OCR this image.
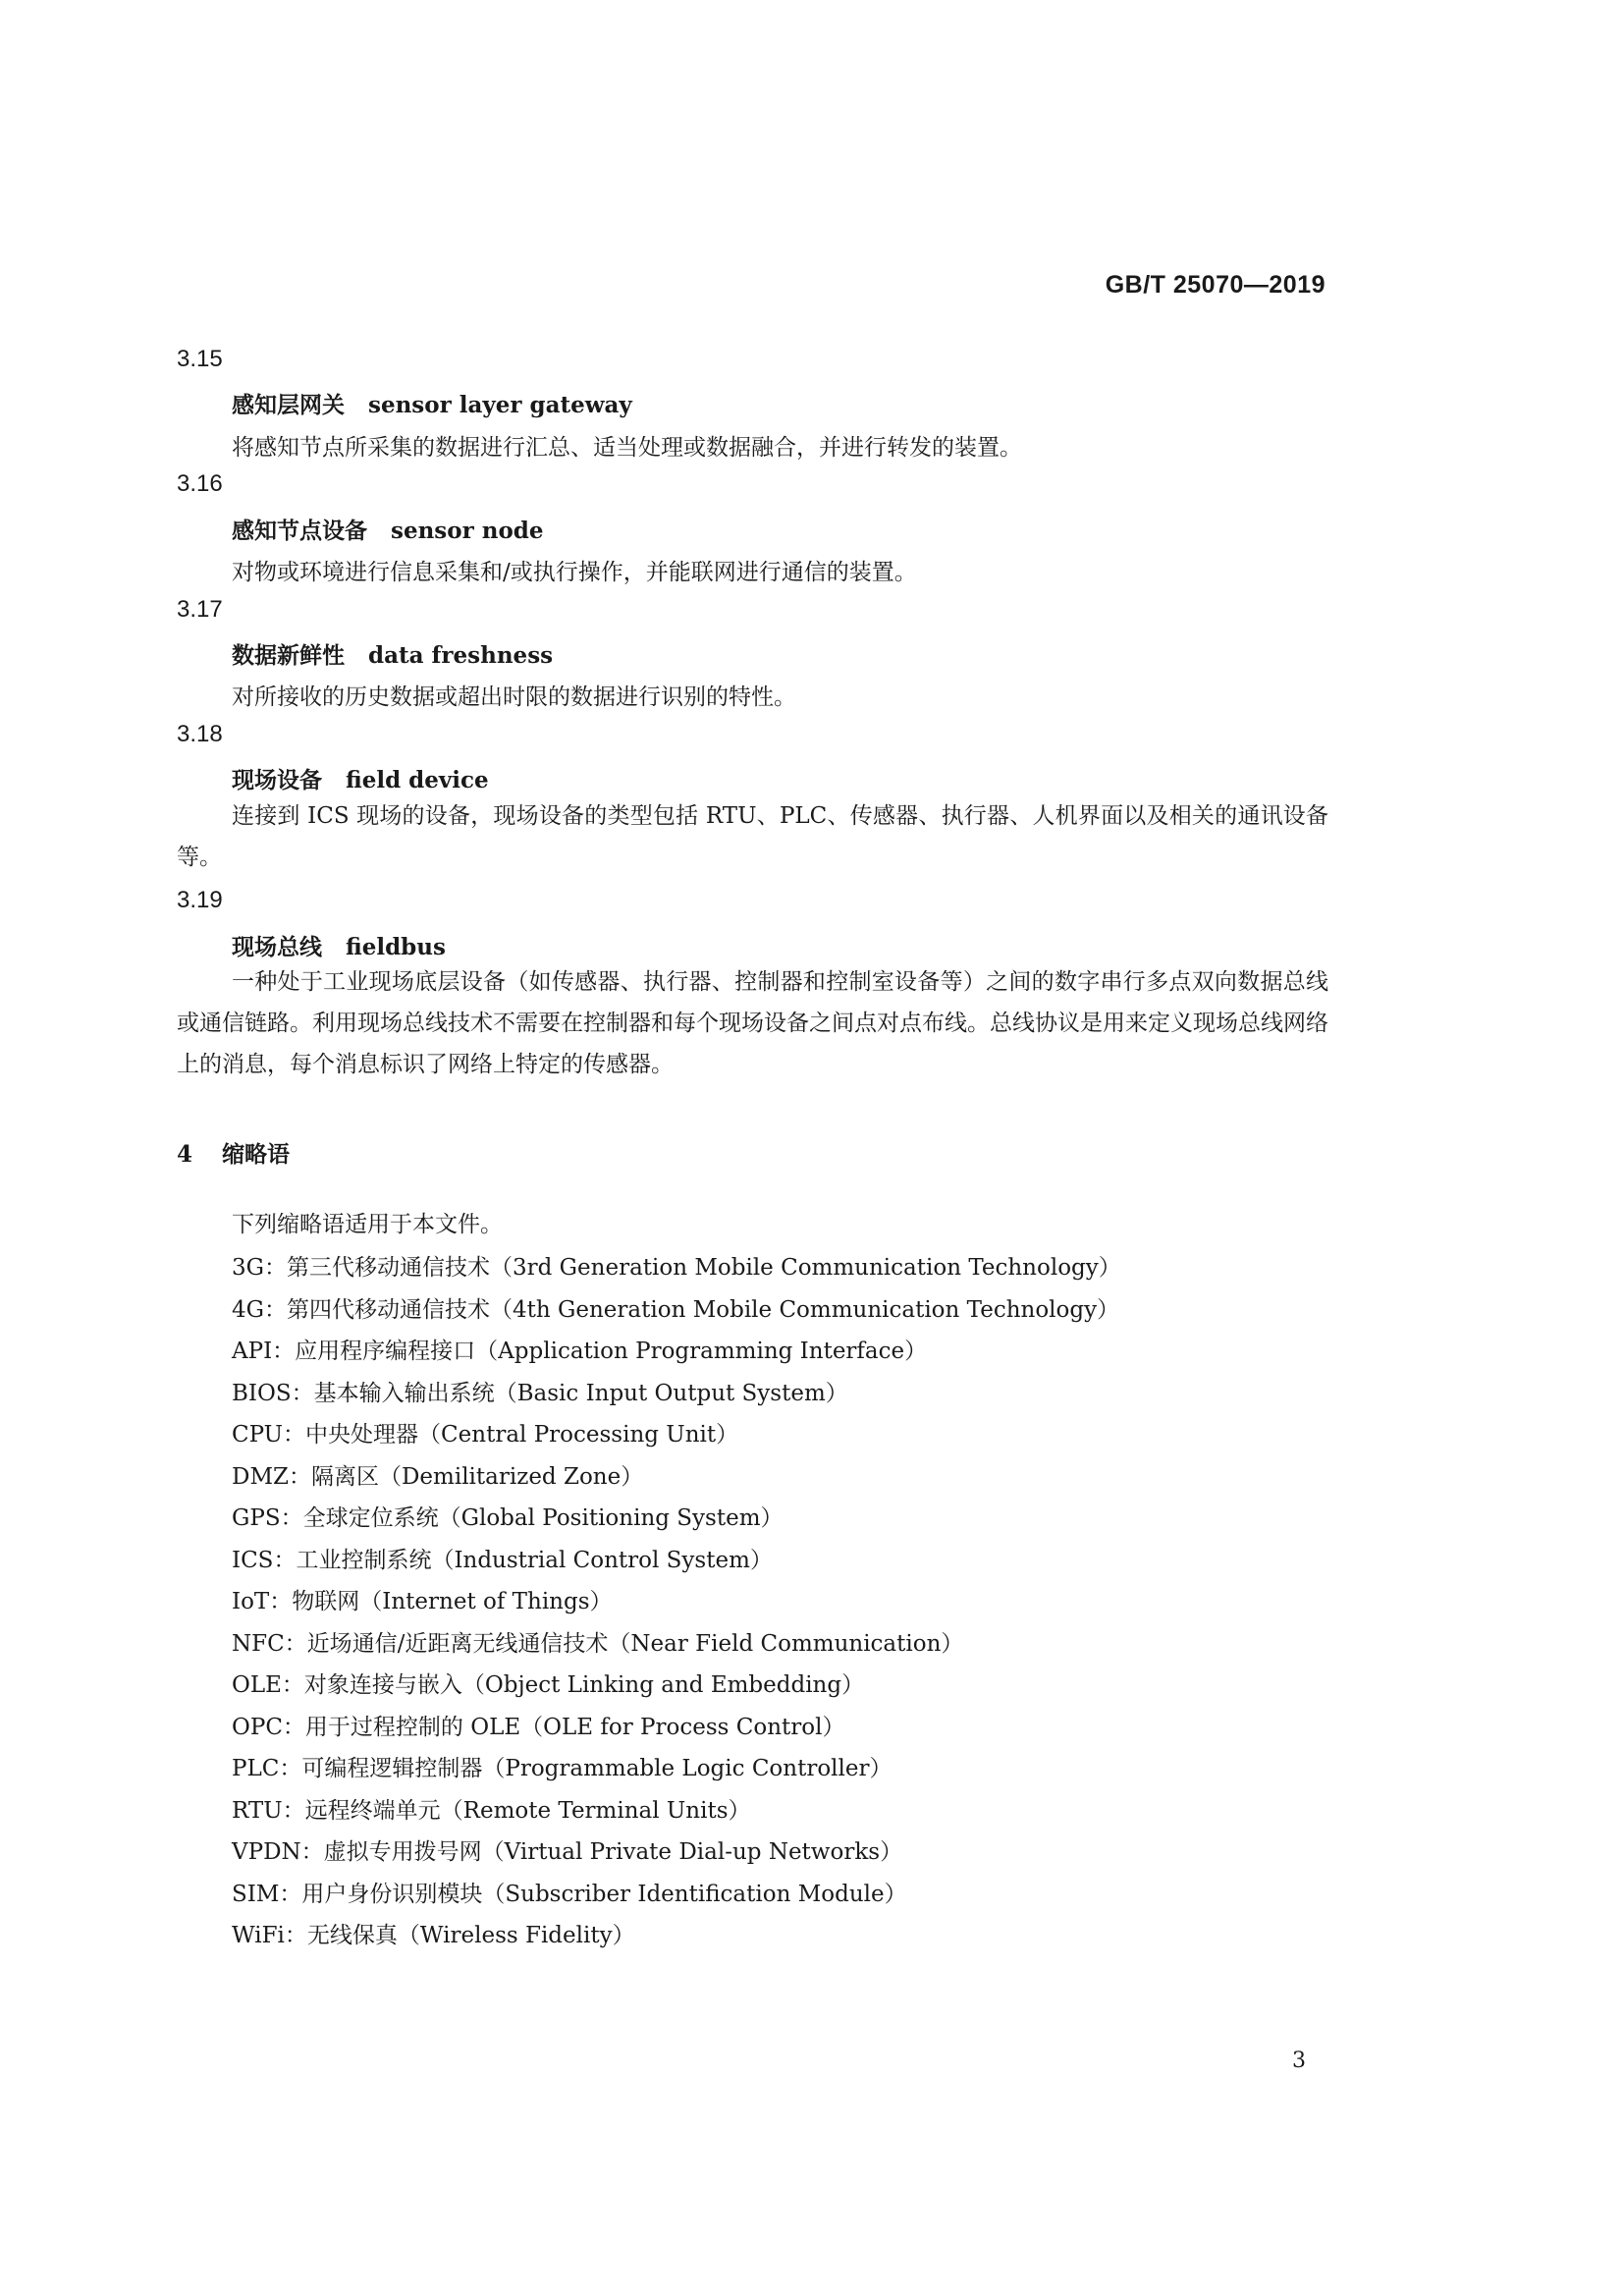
GB/T 25070—2019
3.15
感知层网关 sensor layer gateway
将感知节点所采集的数据进行汇总、适当处理或数据融合，并进行转发的装置。
3.16
感知节点设备 sensor node
对物或环境进行信息采集和/或执行操作，并能联网进行通信的装置。
3.17
数据新鲜性 data freshness
对所接收的历史数据或超出时限的数据进行识别的特性。
3.18
现场设备 field device
连接到 ICS 现场的设备，现场设备的类型包括 RTU、PLC、传感器、执行器、人机界面以及相关的通讯设备等。
3.19
现场总线 fieldbus
一种处于工业现场底层设备（如传感器、执行器、控制器和控制室设备等）之间的数字串行多点双向数据总线或通信链路。利用现场总线技术不需要在控制器和每个现场设备之间点对点布线。总线协议是用来定义现场总线网络上的消息，每个消息标识了网络上特定的传感器。
4 缩略语
下列缩略语适用于本文件。
3G：第三代移动通信技术（3rd Generation Mobile Communication Technology）
4G：第四代移动通信技术（4th Generation Mobile Communication Technology）
API：应用程序编程接口（Application Programming Interface）
BIOS：基本输入输出系统（Basic Input Output System）
CPU：中央处理器（Central Processing Unit）
DMZ：隔离区（Demilitarized Zone）
GPS：全球定位系统（Global Positioning System）
ICS：工业控制系统（Industrial Control System）
IoT：物联网（Internet of Things）
NFC：近场通信/近距离无线通信技术（Near Field Communication）
OLE：对象连接与嵌入（Object Linking and Embedding）
OPC：用于过程控制的 OLE（OLE for Process Control）
PLC：可编程逻辑控制器（Programmable Logic Controller）
RTU：远程终端单元（Remote Terminal Units）
VPDN：虚拟专用拨号网（Virtual Private Dial-up Networks）
SIM：用户身份识别模块（Subscriber Identification Module）
WiFi：无线保真（Wireless Fidelity）
3
